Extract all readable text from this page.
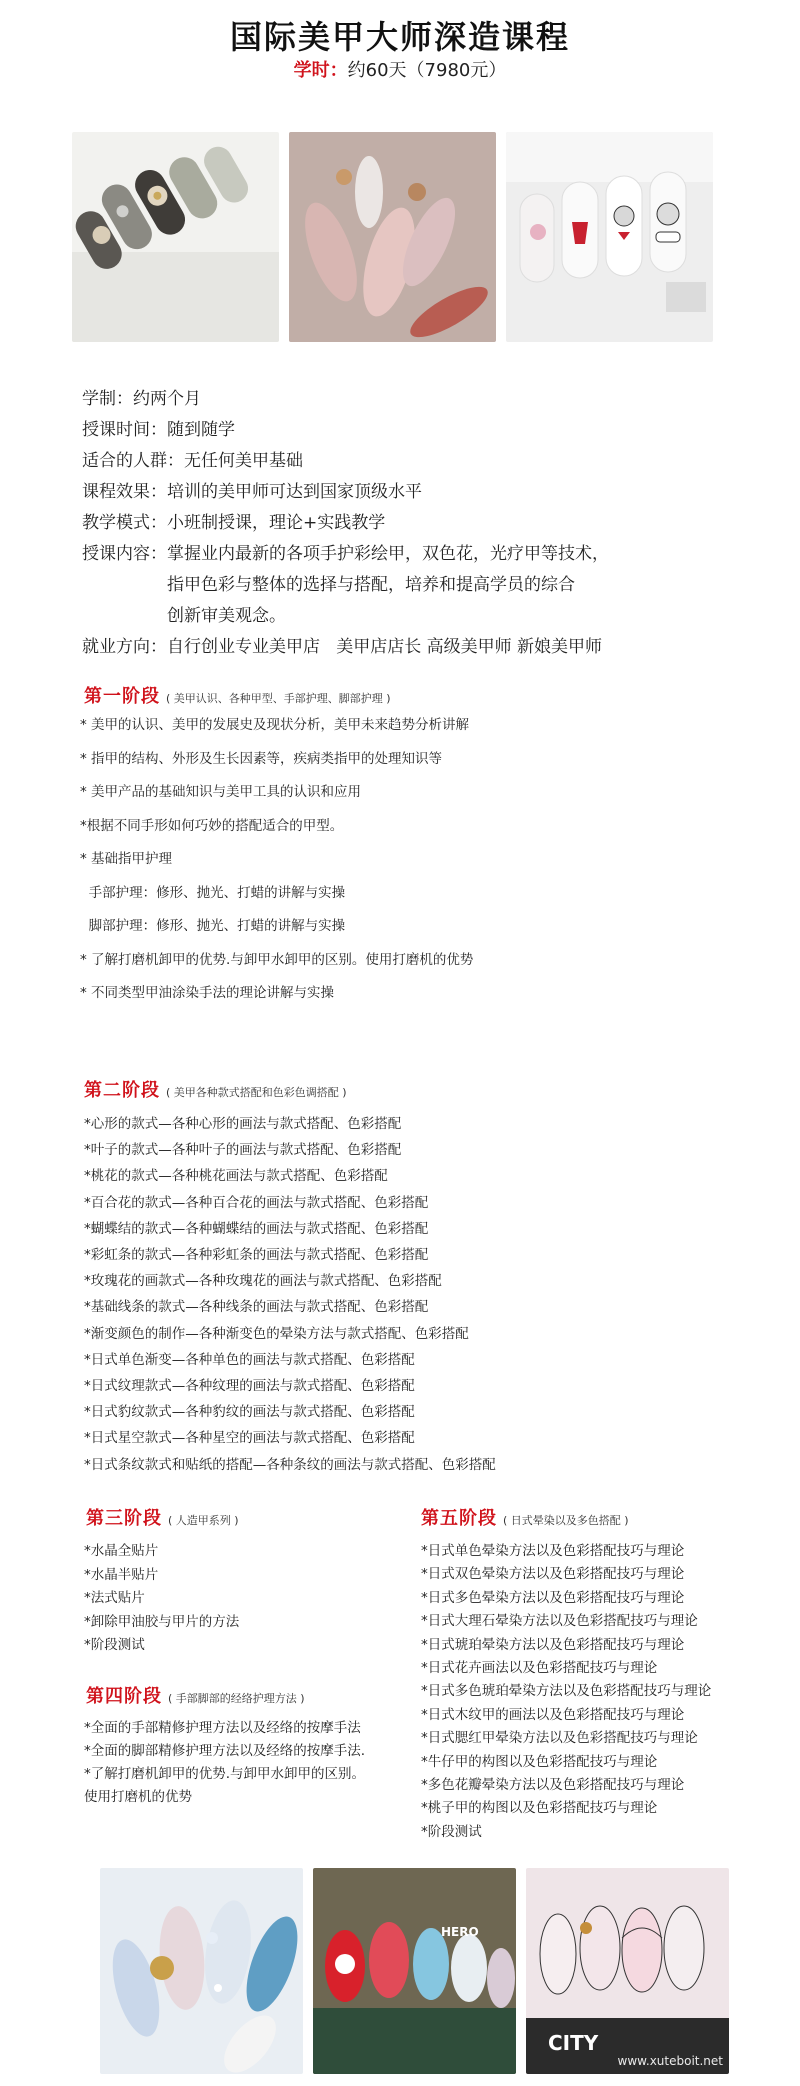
国际美甲大师深造课程
学时：约60天（7980元）
学制： 约两个月
授课时间： 随到随学
适合的人群： 无任何美甲基础
课程效果： 培训的美甲师可达到国家顶级水平
教学模式： 小班制授课，理论+实践教学
授课内容： 掌握业内最新的各项手护彩绘甲，双色花，光疗甲等技术，
指甲色彩与整体的选择与搭配，培养和提高学员的综合
创新审美观念。
就业方向： 自行创业专业美甲店   美甲店店长 高级美甲师 新娘美甲师
第一阶段 ( 美甲认识、各种甲型、手部护理、脚部护理 )
* 美甲的认识、美甲的发展史及现状分析，美甲未来趋势分析讲解
* 指甲的结构、外形及生长因素等，疾病类指甲的处理知识等
* 美甲产品的基础知识与美甲工具的认识和应用
*根据不同手形如何巧妙的搭配适合的甲型。
* 基础指甲护理
手部护理：修形、抛光、打蜡的讲解与实操
脚部护理：修形、抛光、打蜡的讲解与实操
* 了解打磨机卸甲的优势.与卸甲水卸甲的区别。使用打磨机的优势
* 不同类型甲油涂染手法的理论讲解与实操
第二阶段 ( 美甲各种款式搭配和色彩色调搭配 )
*心形的款式—各种心形的画法与款式搭配、色彩搭配
*叶子的款式—各种叶子的画法与款式搭配、色彩搭配
*桃花的款式—各种桃花画法与款式搭配、色彩搭配
*百合花的款式—各种百合花的画法与款式搭配、色彩搭配
*蝴蝶结的款式—各种蝴蝶结的画法与款式搭配、色彩搭配
*彩虹条的款式—各种彩虹条的画法与款式搭配、色彩搭配
*玫瑰花的画款式—各种玫瑰花的画法与款式搭配、色彩搭配
*基础线条的款式—各种线条的画法与款式搭配、色彩搭配
*渐变颜色的制作—各种渐变色的晕染方法与款式搭配、色彩搭配
*日式单色渐变—各种单色的画法与款式搭配、色彩搭配
*日式纹理款式—各种纹理的画法与款式搭配、色彩搭配
*日式豹纹款式—各种豹纹的画法与款式搭配、色彩搭配
*日式星空款式—各种星空的画法与款式搭配、色彩搭配
*日式条纹款式和贴纸的搭配—各种条纹的画法与款式搭配、色彩搭配
第三阶段 ( 人造甲系列 )
*水晶全贴片
*水晶半贴片
*法式贴片
*卸除甲油胶与甲片的方法
*阶段测试
第四阶段 ( 手部脚部的经络护理方法 )
*全面的手部精修护理方法以及经络的按摩手法
*全面的脚部精修护理方法以及经络的按摩手法.
*了解打磨机卸甲的优势.与卸甲水卸甲的区别。
使用打磨机的优势
第五阶段 ( 日式晕染以及多色搭配 )
*日式单色晕染方法以及色彩搭配技巧与理论
*日式双色晕染方法以及色彩搭配技巧与理论
*日式多色晕染方法以及色彩搭配技巧与理论
*日式大理石晕染方法以及色彩搭配技巧与理论
*日式琥珀晕染方法以及色彩搭配技巧与理论
*日式花卉画法以及色彩搭配技巧与理论
*日式多色琥珀晕染方法以及色彩搭配技巧与理论
*日式木纹甲的画法以及色彩搭配技巧与理论
*日式腮红甲晕染方法以及色彩搭配技巧与理论
*牛仔甲的构图以及色彩搭配技巧与理论
*多色花瓣晕染方法以及色彩搭配技巧与理论
*桃子甲的构图以及色彩搭配技巧与理论
*阶段测试
HERO
CITY
www.xuteboit.net
